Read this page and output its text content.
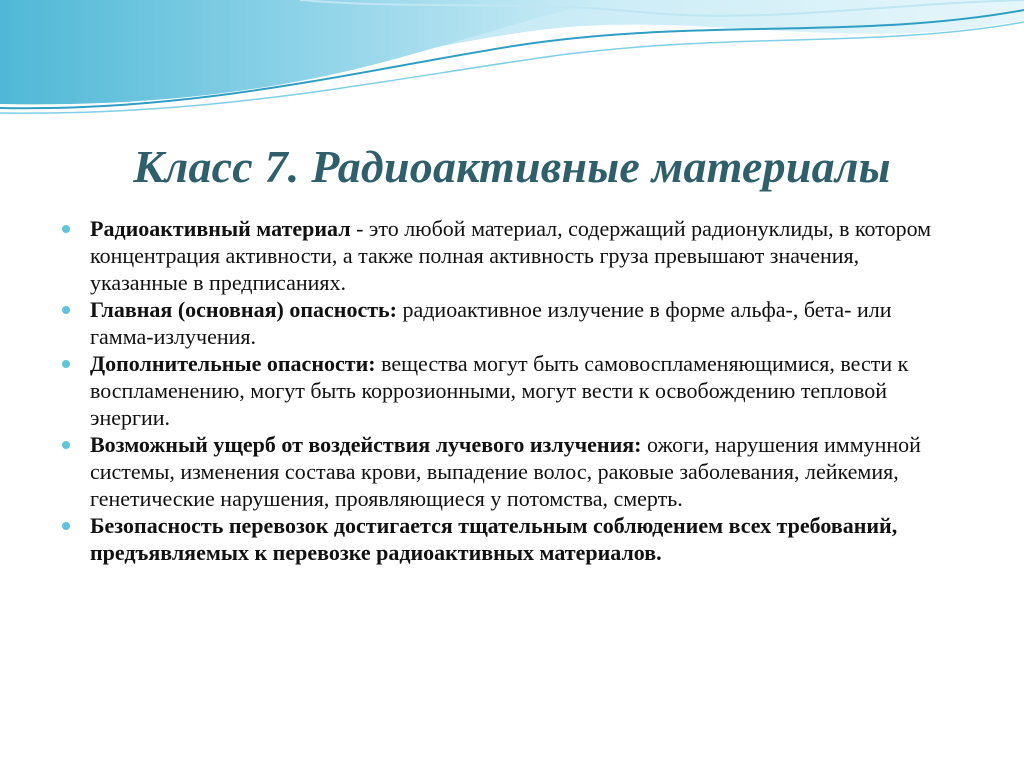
Класс 7. Радиоактивные материалы
Радиоактивный материал - это любой материал, содержащий радионуклиды, в котором концентрация активности, а также полная активность груза превышают значения, указанные в предписаниях.
Главная (основная) опасность: радиоактивное излучение в форме альфа-, бета- или гамма-излучения.
Дополнительные опасности: вещества могут быть самовоспламеняющимися, вести к воспламенению, могут быть коррозионными, могут вести к освобождению тепловой энергии.
Возможный ущерб от воздействия лучевого излучения: ожоги, нарушения иммунной системы, изменения состава крови, выпадение волос, раковые заболевания, лейкемия, генетические нарушения, проявляющиеся у потомства, смерть.
Безопасность перевозок достигается тщательным соблюдением всех требований, предъявляемых к перевозке радиоактивных материалов.
